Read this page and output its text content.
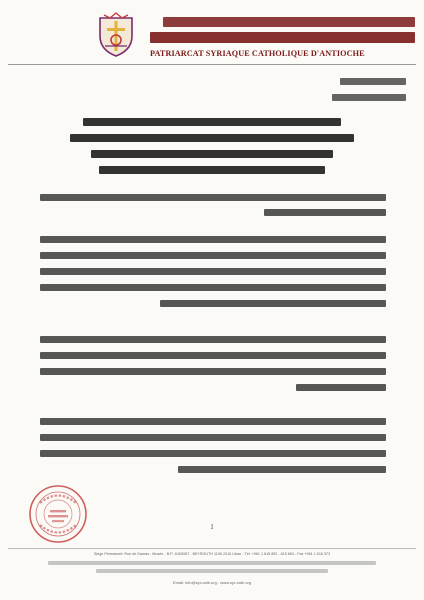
PATRIARCAT SYRIAQUE CATHOLIQUE D'ANTIOCHE
1
Siège Permanent: Rue de Damas - Musée - B.P. 116/5087 - BEYROUTH 1106 2010 Liban - Tél. +961 1 615 892 - 615 894 - Fax +961 1 616 573
Email: info@syr-cath.org - www.syr-cath.org
